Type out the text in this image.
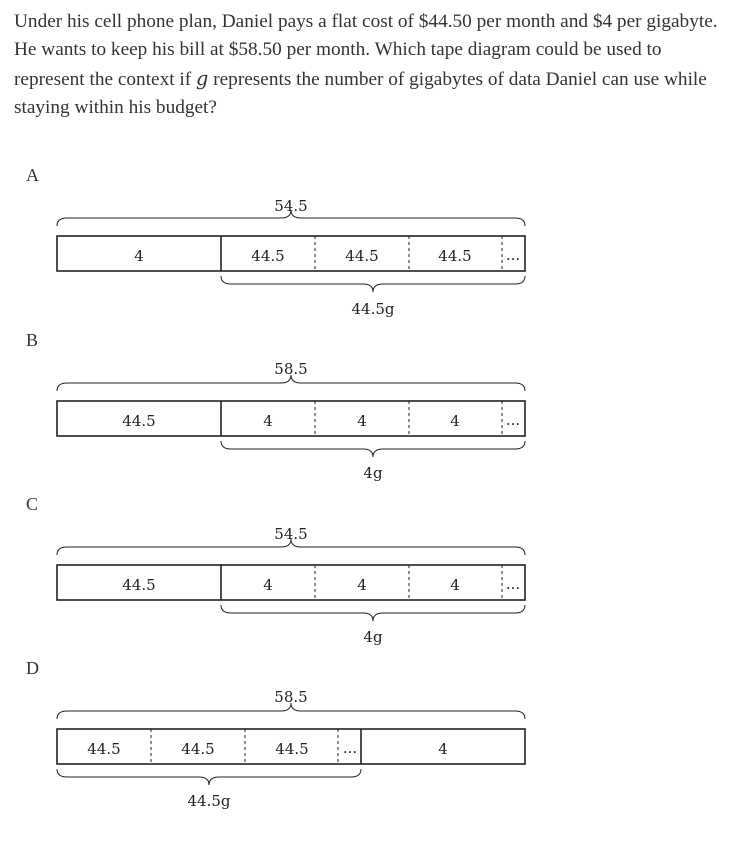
Under his cell phone plan, Daniel pays a flat cost of $44.50 per month and $4 per gigabyte. He wants to keep his bill at $58.50 per month. Which tape diagram could be used to represent the context if g represents the number of gigabytes of data Daniel can use while staying within his budget?

A
54.5
4	44.5	44.5	44.5 ...
44.5g
B
58.5
44.5	4	4	4	...
4g
C
54.5
44.5	4	4	4	...
4g
D
58.5
44.5	44.5	44.5 ...	4
44.5g
